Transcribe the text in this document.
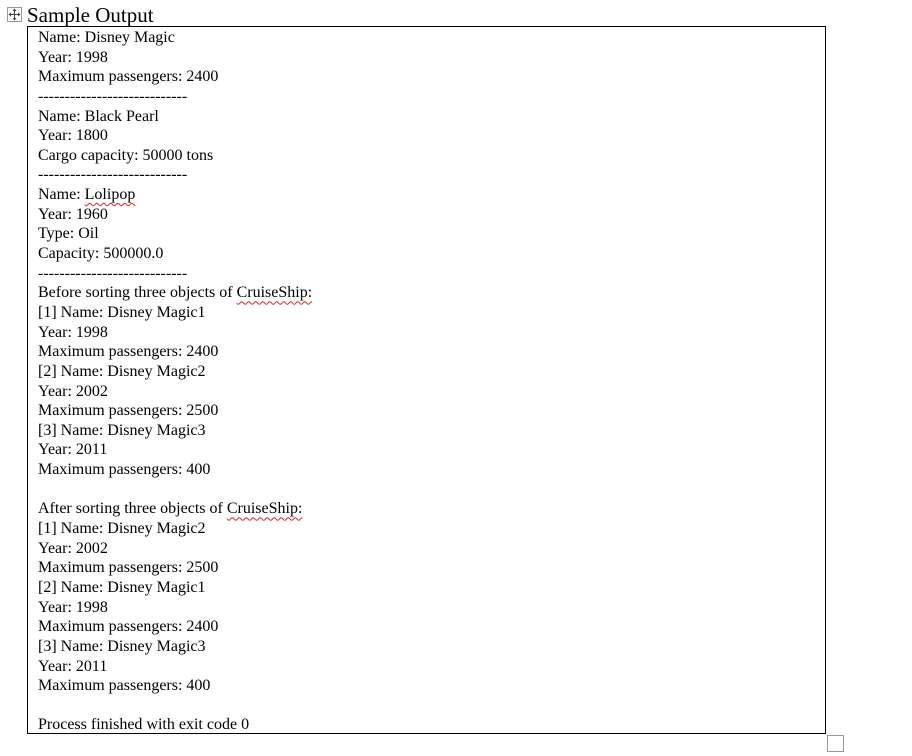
Sample Output
Name: Disney Magic
Year: 1998
Maximum passengers: 2400
----------------------------
Name: Black Pearl
Year: 1800
Cargo capacity: 50000 tons
----------------------------
Name: Lolipop
Year: 1960
Type: Oil
Capacity: 500000.0
----------------------------
Before sorting three objects of CruiseShip:
[1] Name: Disney Magic1
Year: 1998
Maximum passengers: 2400
[2] Name: Disney Magic2
Year: 2002
Maximum passengers: 2500
[3] Name: Disney Magic3
Year: 2011
Maximum passengers: 400

After sorting three objects of CruiseShip:
[1] Name: Disney Magic2
Year: 2002
Maximum passengers: 2500
[2] Name: Disney Magic1
Year: 1998
Maximum passengers: 2400
[3] Name: Disney Magic3
Year: 2011
Maximum passengers: 400

Process finished with exit code 0
